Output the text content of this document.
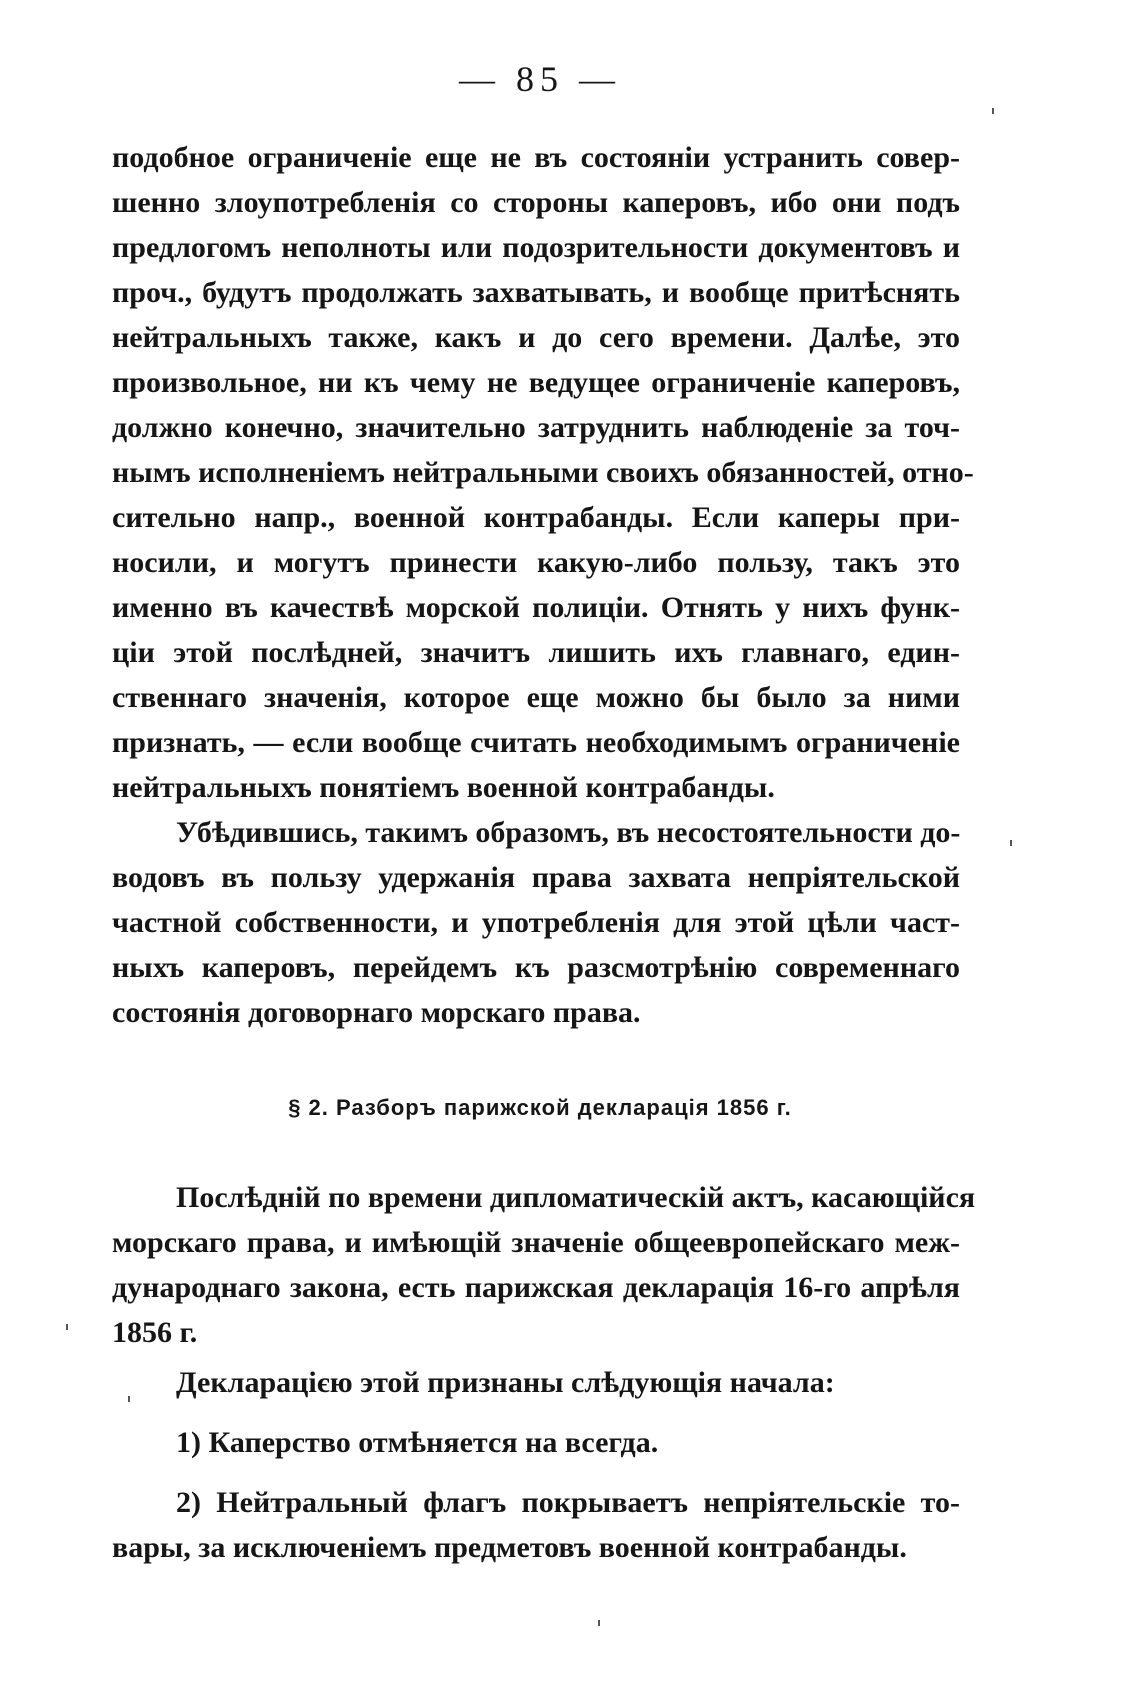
— 85 —
подобное ограниченіе еще не въ состояніи устранить совер-
шенно злоупотребленія со стороны каперовъ, ибо они подъ
предлогомъ неполноты или подозрительности документовъ и
проч., будутъ продолжать захватывать, и вообще притѣснять
нейтральныхъ также, какъ и до сего времени. Далѣе, это
произвольное, ни къ чему не ведущее ограниченіе каперовъ,
должно конечно, значительно затруднить наблюденіе за точ-
нымъ исполненіемъ нейтральными своихъ обязанностей, отно-
сительно напр., военной контрабанды. Если каперы при-
носили, и могутъ принести какую-либо пользу, такъ это
именно въ качествѣ морской полиціи. Отнять у нихъ функ-
ціи этой послѣдней, значитъ лишить ихъ главнаго, един-
ственнаго значенія, которое еще можно бы было за ними
признать, — если вообще считать необходимымъ ограниченіе
нейтральныхъ понятіемъ военной контрабанды.
Убѣдившись, такимъ образомъ, въ несостоятельности до-
водовъ въ пользу удержанія права захвата непріятельской
частной собственности, и употребленія для этой цѣли част-
ныхъ каперовъ, перейдемъ къ разсмотрѣнію современнаго
состоянія договорнаго морскаго права.
§ 2. Разборъ парижской декларація 1856 г.
Послѣдній по времени дипломатическій актъ, касающійся
морскаго права, и имѣющій значеніе общеевропейскаго меж-
дународнаго закона, есть парижская декларація 16-го апрѣля
1856 г.
Декларацією этой признаны слѣдующія начала:
1) Каперство отмѣняется на всегда.
2) Нейтральный флагъ покрываетъ непріятельскіе то-
вары, за исключеніемъ предметовъ военной контрабанды.
